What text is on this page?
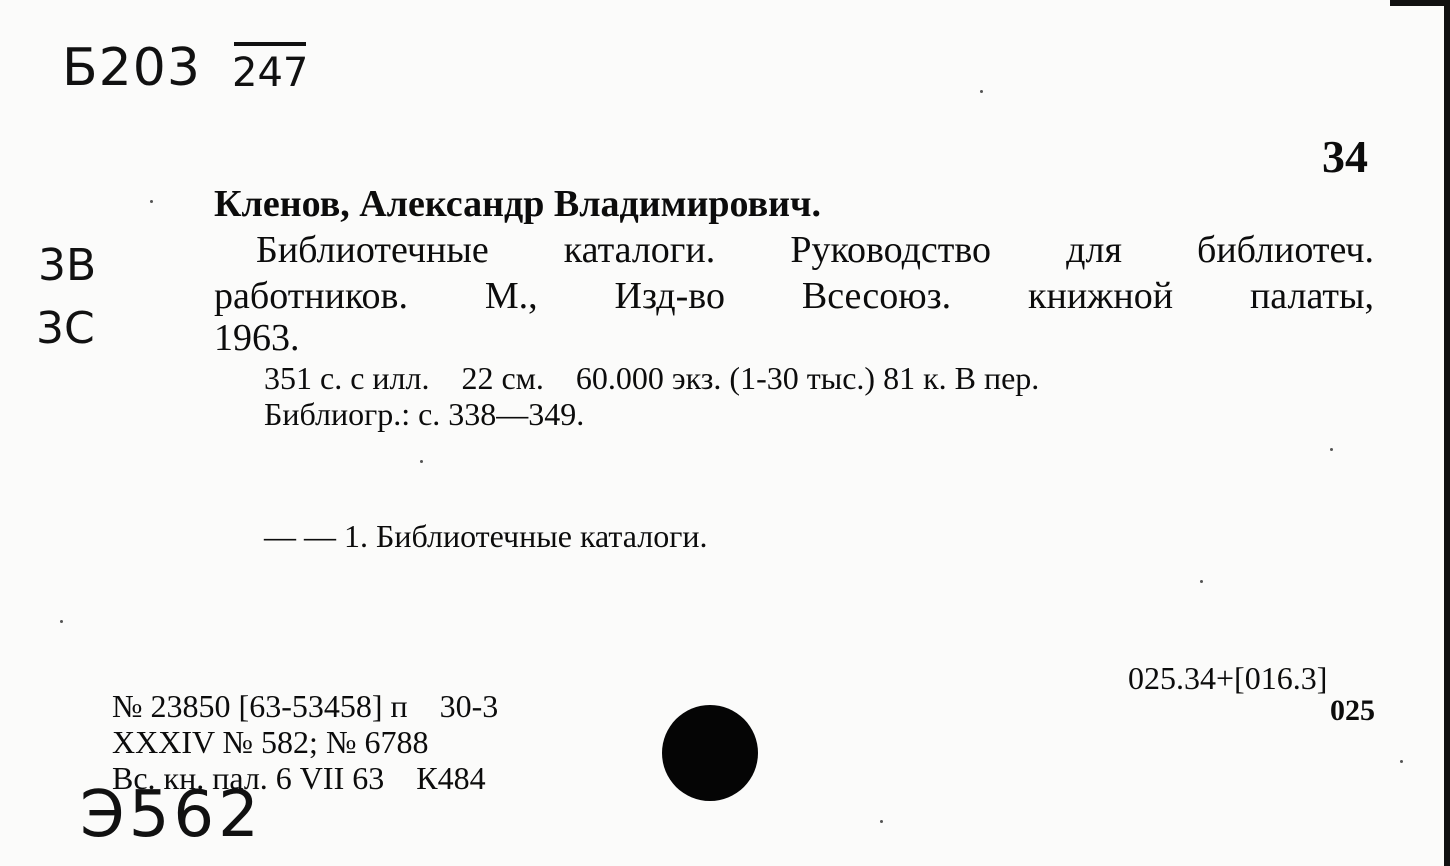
Б203 247
3В
3С
Э562
34
Кленов, Александр Владимирович.
Библиотечные каталоги. Руководство для библиотеч.
работников. М., Изд-во Всесоюз. книжной палаты,
1963.
351 с. с илл.    22 см.    60.000 экз. (1-30 тыс.) 81 к. В пер.
Библиогр.: с. 338—349.
— — 1. Библиотечные каталоги.
025.34+[016.3]
025
№ 23850 [63-53458] п    30-3
XXXIV № 582; № 6788
Вс. кн. пал. 6 VII 63    К484
